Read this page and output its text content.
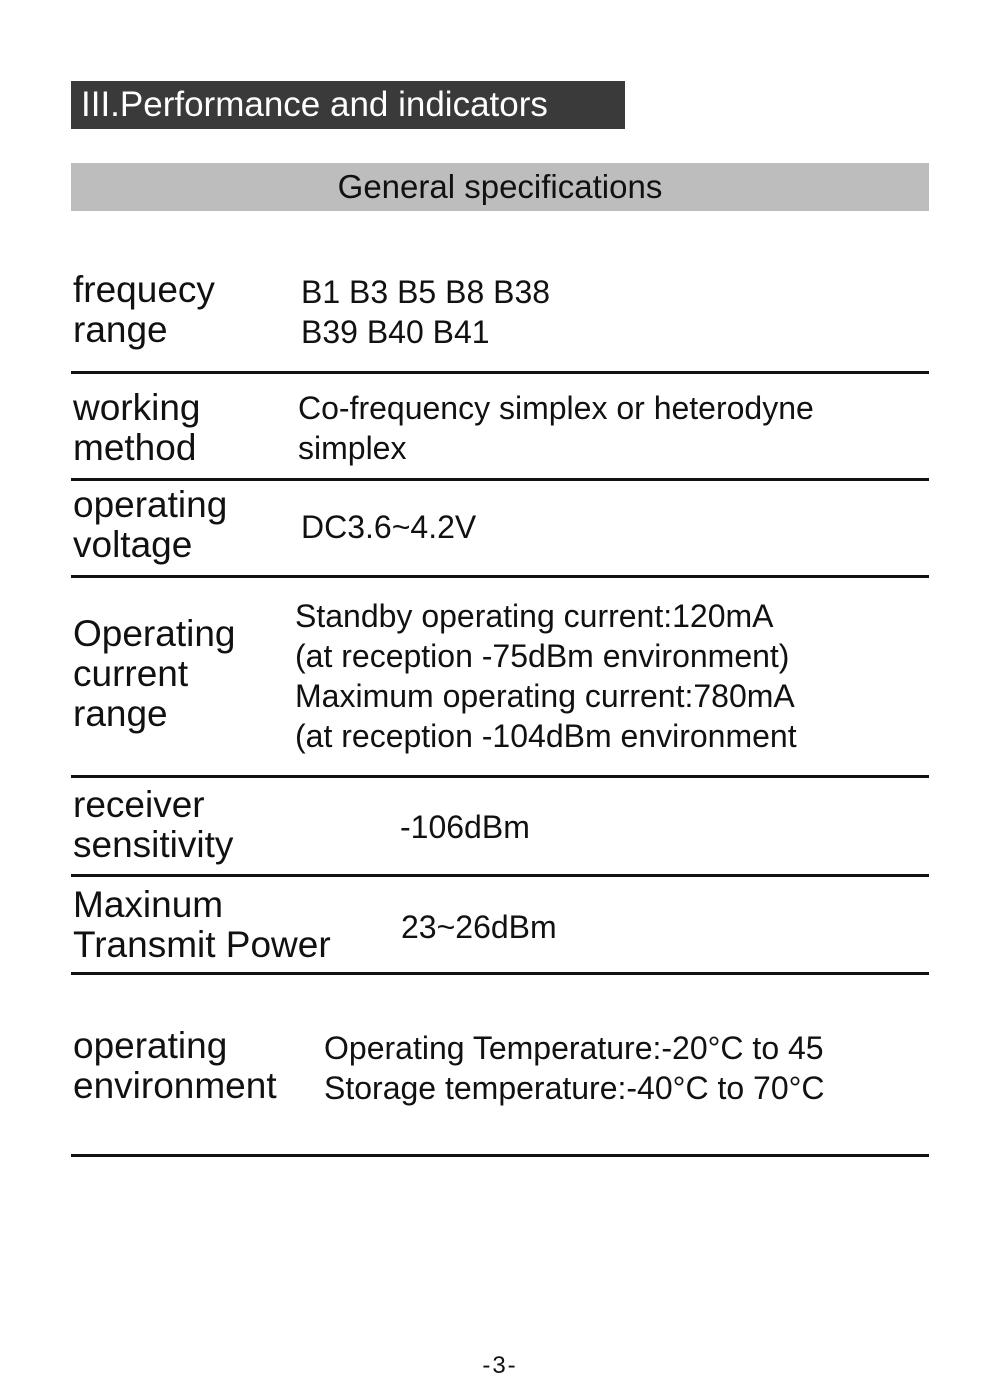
III.Performance and indicators
General specifications
frequecy
range
B1 B3 B5 B8 B38
B39 B40 B41
working
method
Co-frequency simplex or heterodyne
simplex
operating
voltage	DC3.6~4.2V
Operating
current
range
Standby operating current:120mA
(at reception -75dBm environment)
Maximum operating current:780mA
(at reception -104dBm environment
receiver
sensitivity	-106dBm
Maxinum
Transmit Power 23~26dBm
operating
environment
Operating Temperature:-20°C to 45
Storage temperature:-40°C to 70°C
-3-
